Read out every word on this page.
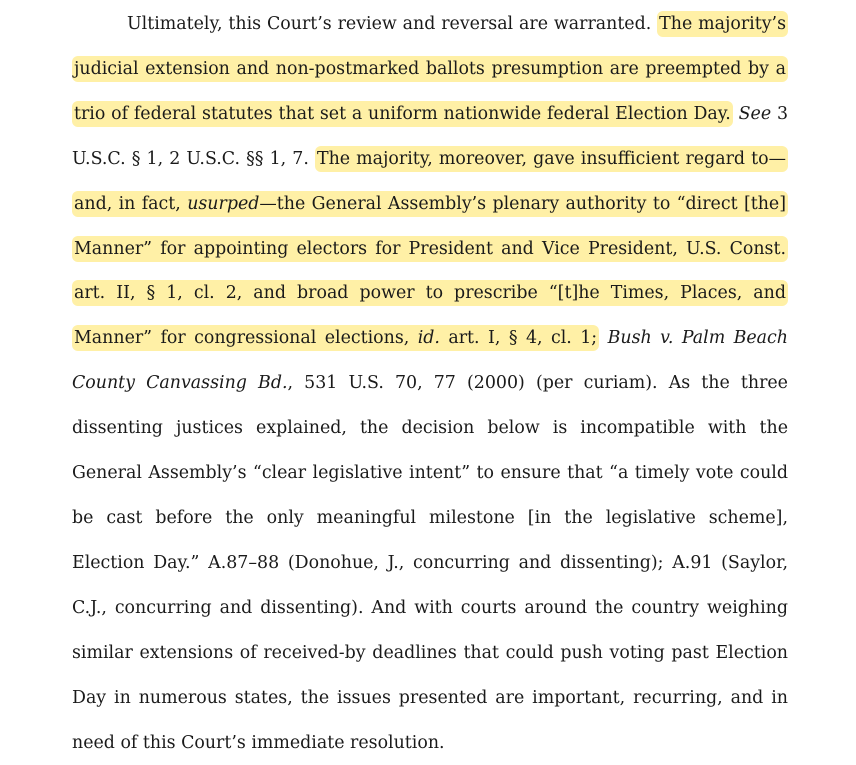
Ultimately, this Court’s review and reversal are warranted. The majority’s judicial extension and non-postmarked ballots presumption are preempted by a trio of federal statutes that set a uniform nationwide federal Election Day. See 3 U.S.C. § 1, 2 U.S.C. §§ 1, 7. The majority, moreover, gave insufficient regard to—and, in fact, usurped—the General Assembly’s plenary authority to “direct [the] Manner” for appointing electors for President and Vice President, U.S. Const. art. II, § 1, cl. 2, and broad power to prescribe “[t]he Times, Places, and Manner” for congressional elections, id. art. I, § 4, cl. 1; Bush v. Palm Beach County Canvassing Bd., 531 U.S. 70, 77 (2000) (per curiam). As the three dissenting justices explained, the decision below is incompatible with the General Assembly’s “clear legislative intent” to ensure that “a timely vote could be cast before the only meaningful milestone [in the legislative scheme], Election Day.” A.87–88 (Donohue, J., concurring and dissenting); A.91 (Saylor, C.J., concurring and dissenting). And with courts around the country weighing similar extensions of received-by deadlines that could push voting past Election Day in numerous states, the issues presented are important, recurring, and in need of this Court’s immediate resolution.
